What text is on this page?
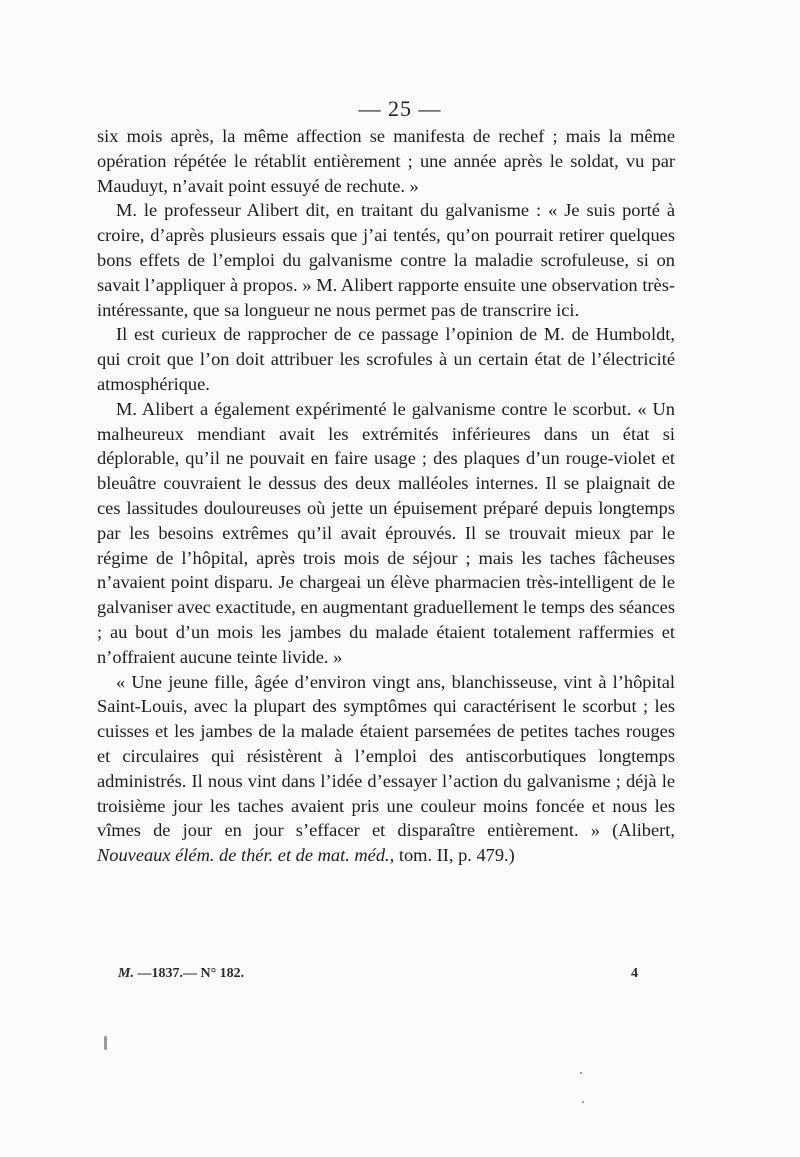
— 25 —

six mois après, la même affection se manifesta de rechef ; mais la même opération répétée le rétablit entièrement ; une année après le soldat, vu par Mauduyt, n’avait point essuyé de rechute. »

M. le professeur Alibert dit, en traitant du galvanisme : « Je suis porté à croire, d’après plusieurs essais que j’ai tentés, qu’on pourrait retirer quelques bons effets de l’emploi du galvanisme contre la maladie scrofuleuse, si on savait l’appliquer à propos. » M. Alibert rapporte ensuite une observation très-intéressante, que sa longueur ne nous permet pas de transcrire ici.

Il est curieux de rapprocher de ce passage l’opinion de M. de Humboldt, qui croit que l’on doit attribuer les scrofules à un certain état de l’électricité atmosphérique.

M. Alibert a également expérimenté le galvanisme contre le scorbut. « Un malheureux mendiant avait les extrémités inférieures dans un état si déplorable, qu’il ne pouvait en faire usage ; des plaques d’un rouge-violet et bleuâtre couvraient le dessus des deux malléoles internes. Il se plaignait de ces lassitudes douloureuses où jette un épuisement préparé depuis longtemps par les besoins extrêmes qu’il avait éprouvés. Il se trouvait mieux par le régime de l’hôpital, après trois mois de séjour ; mais les taches fâcheuses n’avaient point disparu. Je chargeai un élève pharmacien très-intelligent de le galvaniser avec exactitude, en augmentant graduellement le temps des séances ; au bout d’un mois les jambes du malade étaient totalement raffermies et n’offraient aucune teinte livide. »

« Une jeune fille, âgée d’environ vingt ans, blanchisseuse, vint à l’hôpital Saint-Louis, avec la plupart des symptômes qui caractérisent le scorbut ; les cuisses et les jambes de la malade étaient parsemées de petites taches rouges et circulaires qui résistèrent à l’emploi des antiscorbutiques longtemps administrés. Il nous vint dans l’idée d’essayer l’action du galvanisme ; déjà le troisième jour les taches avaient pris une couleur moins foncée et nous les vîmes de jour en jour s’effacer et disparaître entièrement. » (Alibert, Nouveaux élém. de thér. et de mat. méd., tom. II, p. 479.)

M. —1837.— N° 182.	4
